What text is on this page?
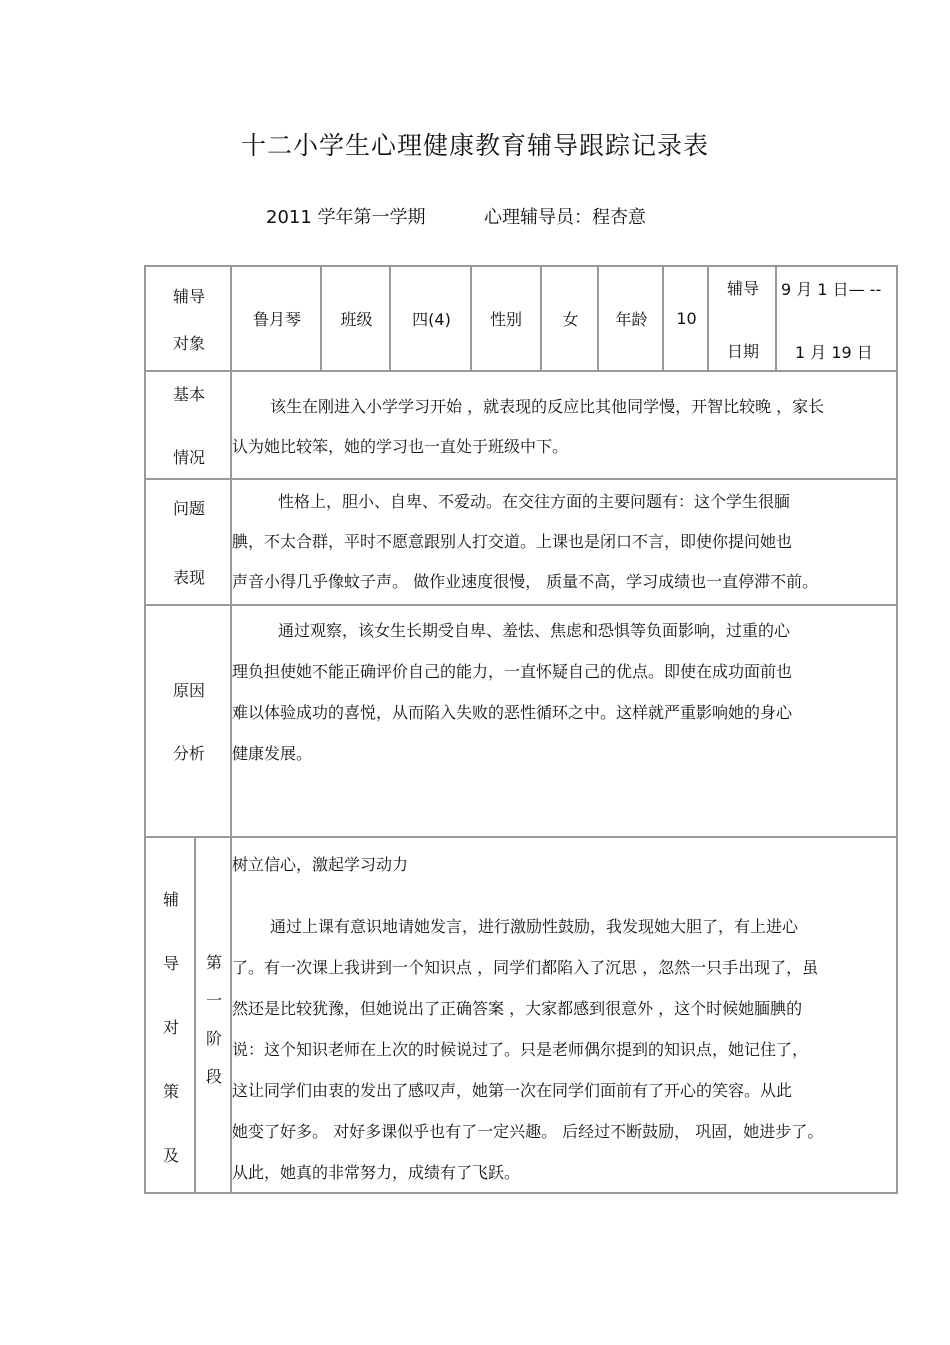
十二小学生心理健康教育辅导跟踪记录表
2011 学年第一学期	心理辅导员：程杏意
辅导
对象
鲁月琴 班级 四(4) 性别	女 年龄 10
辅导
日期
9 月 1 日— --
1 月 19 日
基本
情况
该生在刚进入小学学习开始 ，就表现的反应比其他同学慢，开智比较晚 ，家长
认为她比较笨，她的学习也一直处于班级中下。
问题
表现
性格上，胆小、自卑、不爱动。在交往方面的主要问题有：这个学生很腼
腆，不太合群，平时不愿意跟别人打交道。上课也是闭口不言，即使你提问她也
声音小得几乎像蚊子声。 做作业速度很慢， 质量不高，学习成绩也一直停滞不前。
原因
分析
通过观察，该女生长期受自卑、羞怯、焦虑和恐惧等负面影响，过重的心
理负担使她不能正确评价自己的能力，一直怀疑自己的优点。即使在成功面前也
难以体验成功的喜悦，从而陷入失败的恶性循环之中。这样就严重影响她的身心
健康发展。
辅
导
对
策
及
第
一
阶
段
树立信心，激起学习动力
通过上课有意识地请她发言，进行激励性鼓励，我发现她大胆了，有上进心
了。有一次课上我讲到一个知识点 ，同学们都陷入了沉思 ，忽然一只手出现了，虽
然还是比较犹豫，但她说出了正确答案 ，大家都感到很意外 ，这个时候她腼腆的
说：这个知识老师在上次的时候说过了。只是老师偶尔提到的知识点，她记住了，
这让同学们由衷的发出了感叹声，她第一次在同学们面前有了开心的笑容。从此
她变了好多。 对好多课似乎也有了一定兴趣。 后经过不断鼓励， 巩固，她进步了。
从此，她真的非常努力，成绩有了飞跃。
